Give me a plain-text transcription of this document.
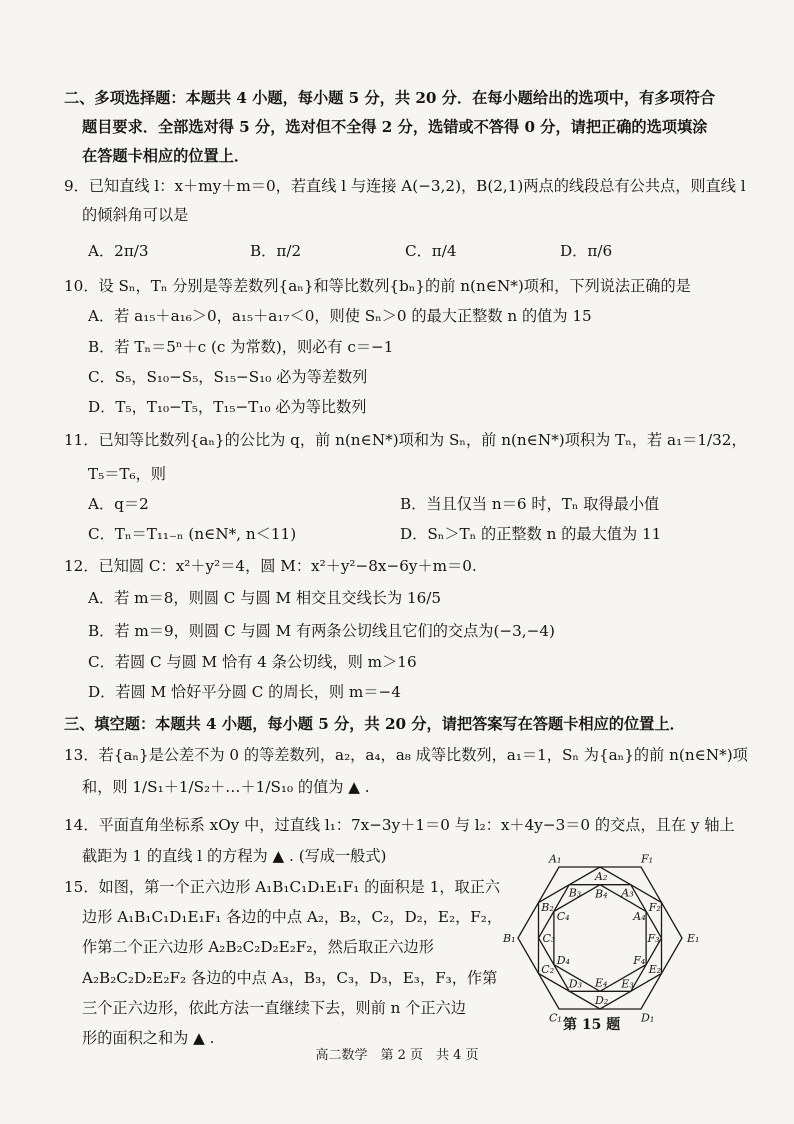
二、多项选择题：本题共 4 小题，每小题 5 分，共 20 分．在每小题给出的选项中，有多项符合
题目要求．全部选对得 5 分，选对但不全得 2 分，选错或不答得 0 分，请把正确的选项填涂
在答题卡相应的位置上．
9．已知直线 l：x＋my＋m＝0，若直线 l 与连接 A(−3,2)，B(2,1)两点的线段总有公共点，则直线 l
的倾斜角可以是
A．2π/3	B．π/2	C．π/4	D．π/6
10．设 Sₙ，Tₙ 分别是等差数列{aₙ}和等比数列{bₙ}的前 n(n∈N*)项和，下列说法正确的是
A．若 a₁₅＋a₁₆＞0，a₁₅＋a₁₇＜0，则使 Sₙ＞0 的最大正整数 n 的值为 15
B．若 Tₙ＝5ⁿ＋c (c 为常数)，则必有 c＝−1
C．S₅，S₁₀−S₅，S₁₅−S₁₀ 必为等差数列
D．T₅，T₁₀−T₅，T₁₅−T₁₀ 必为等比数列
11．已知等比数列{aₙ}的公比为 q，前 n(n∈N*)项和为 Sₙ，前 n(n∈N*)项积为 Tₙ，若 a₁＝1/32，
T₅＝T₆，则
A．q＝2	B．当且仅当 n＝6 时，Tₙ 取得最小值
C．Tₙ＝T₁₁₋ₙ (n∈N*, n＜11)	D．Sₙ＞Tₙ 的正整数 n 的最大值为 11
12．已知圆 C：x²＋y²＝4，圆 M：x²＋y²−8x−6y＋m＝0.
A．若 m＝8，则圆 C 与圆 M 相交且交线长为 16/5
B．若 m＝9，则圆 C 与圆 M 有两条公切线且它们的交点为(−3,−4)
C．若圆 C 与圆 M 恰有 4 条公切线，则 m＞16
D．若圆 M 恰好平分圆 C 的周长，则 m＝−4
三、填空题：本题共 4 小题，每小题 5 分，共 20 分，请把答案写在答题卡相应的位置上．
13．若{aₙ}是公差不为 0 的等差数列，a₂，a₄，a₈ 成等比数列，a₁＝1，Sₙ 为{aₙ}的前 n(n∈N*)项
和，则 1/S₁＋1/S₂＋…＋1/S₁₀ 的值为 ▲ .
14．平面直角坐标系 xOy 中，过直线 l₁：7x−3y＋1＝0 与 l₂：x＋4y−3＝0 的交点，且在 y 轴上
截距为 1 的直线 l 的方程为 ▲ . (写成一般式)
15．如图，第一个正六边形 A₁B₁C₁D₁E₁F₁ 的面积是 1，取正六
边形 A₁B₁C₁D₁E₁F₁ 各边的中点 A₂，B₂，C₂，D₂，E₂，F₂，
作第二个正六边形 A₂B₂C₂D₂E₂F₂，然后取正六边形
A₂B₂C₂D₂E₂F₂ 各边的中点 A₃，B₃，C₃，D₃，E₃，F₃，作第
三个正六边形，依此方法一直继续下去，则前 n 个正六边
形的面积之和为 ▲ .
A₁
B₁
C₁	D₁
E₁
F₁
A₂
B₂
C₂
D₂
E₂
F₂
A₃
B₃
C₃
D₃	E₃
F₃
A₄
B₄
C₄
D₄
E₄
F₄
第 15 题
高二数学　第 2 页　共 4 页
